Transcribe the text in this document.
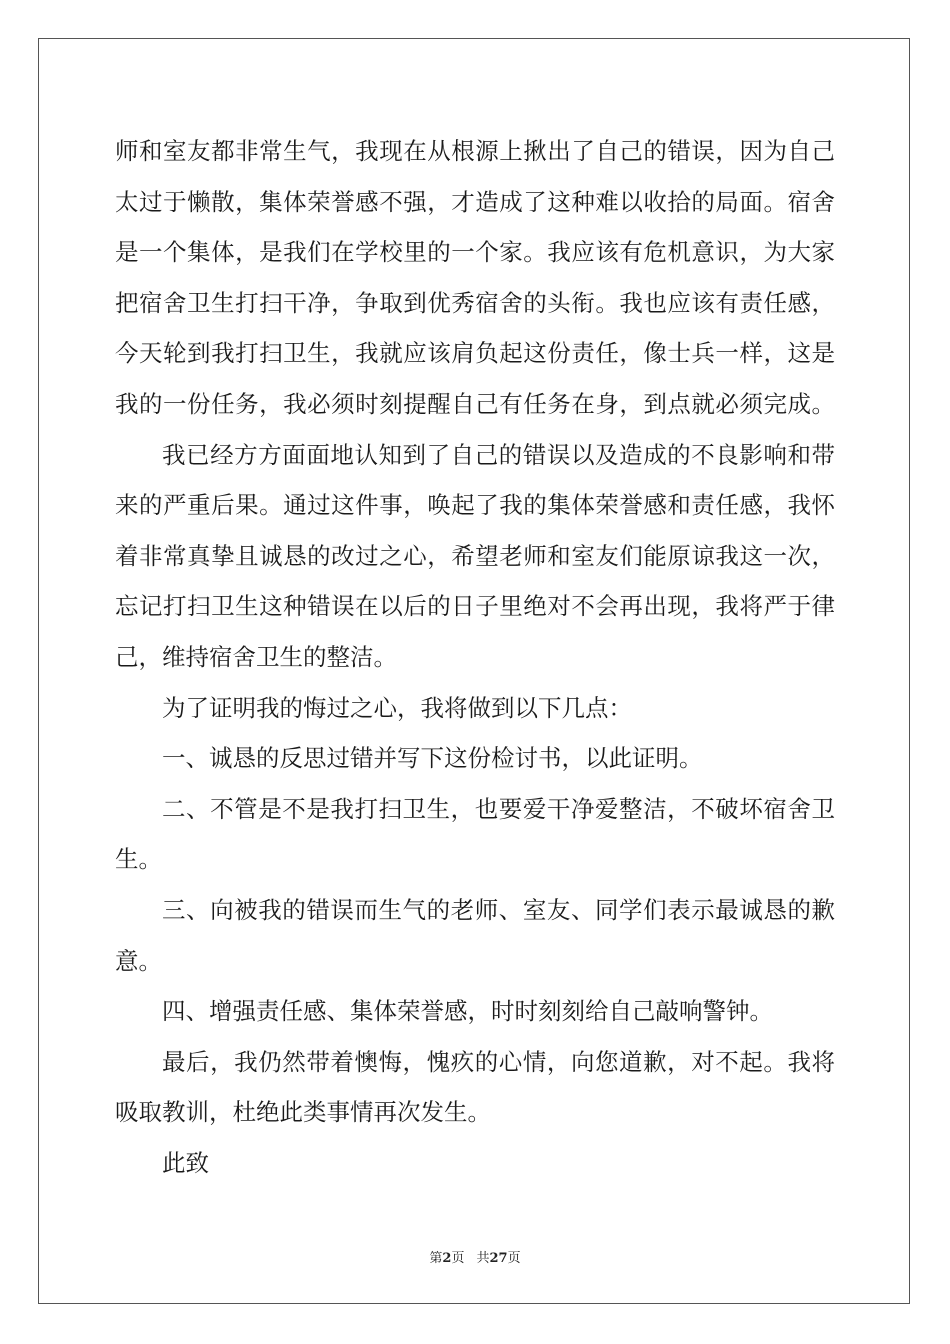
师和室友都非常生气，我现在从根源上揪出了自己的错误，因为自己
太过于懒散，集体荣誉感不强，才造成了这种难以收拾的局面。宿舍
是一个集体，是我们在学校里的一个家。我应该有危机意识，为大家
把宿舍卫生打扫干净，争取到优秀宿舍的头衔。我也应该有责任感，
今天轮到我打扫卫生，我就应该肩负起这份责任，像士兵一样，这是
我的一份任务，我必须时刻提醒自己有任务在身，到点就必须完成。
我已经方方面面地认知到了自己的错误以及造成的不良影响和带
来的严重后果。通过这件事，唤起了我的集体荣誉感和责任感，我怀
着非常真挚且诚恳的改过之心，希望老师和室友们能原谅我这一次，
忘记打扫卫生这种错误在以后的日子里绝对不会再出现，我将严于律
己，维持宿舍卫生的整洁。
为了证明我的悔过之心，我将做到以下几点：
一、诚恳的反思过错并写下这份检讨书，以此证明。
二、不管是不是我打扫卫生，也要爱干净爱整洁，不破坏宿舍卫
生。
三、向被我的错误而生气的老师、室友、同学们表示最诚恳的歉
意。
四、增强责任感、集体荣誉感，时时刻刻给自己敲响警钟。
最后，我仍然带着懊悔，愧疚的心情，向您道歉，对不起。我将
吸取教训，杜绝此类事情再次发生。
此致
第2页 共27页
